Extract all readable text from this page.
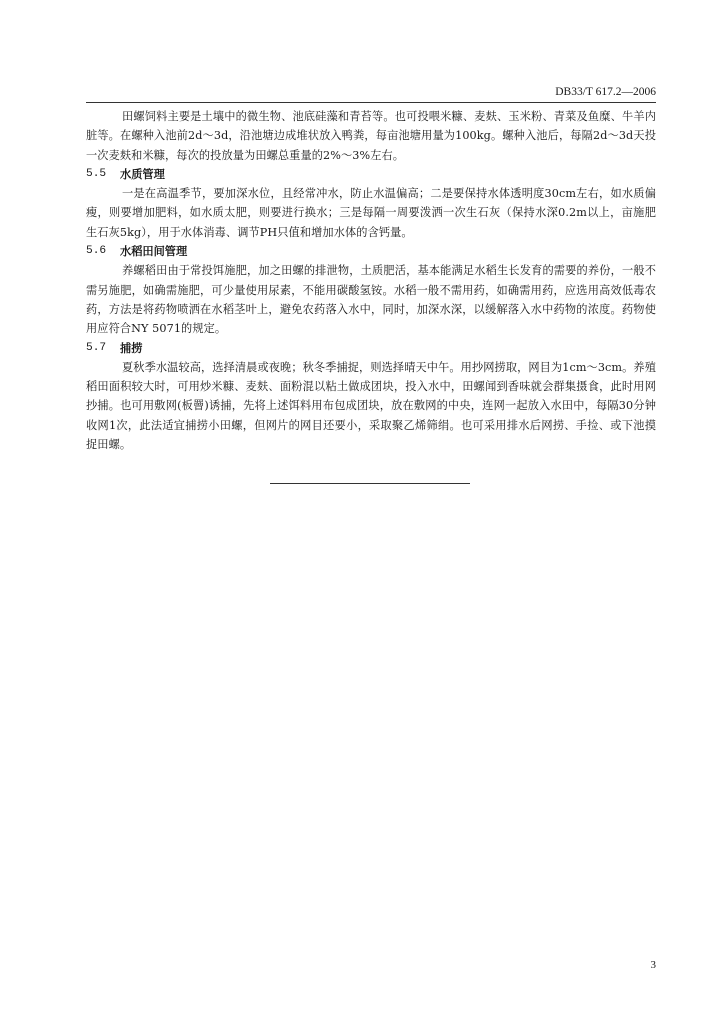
DB33/T 617.2—2006

田螺饲料主要是土壤中的微生物、池底硅藻和青苔等。也可投喂米糠、麦麸、玉米粉、青菜及鱼糜、牛羊内脏等。在螺种入池前2d～3d，沿池塘边成堆状放入鸭粪，每亩池塘用量为100kg。螺种入池后，每隔2d～3d天投一次麦麸和米糠，每次的投放量为田螺总重量的2%～3%左右。

5.5	水质管理

一是在高温季节，要加深水位，且经常冲水，防止水温偏高；二是要保持水体透明度30cm左右，如水质偏瘦，则要增加肥料，如水质太肥，则要进行换水；三是每隔一周要泼洒一次生石灰（保持水深0.2m以上，亩施肥生石灰5kg），用于水体消毒、调节PH只值和增加水体的含钙量。

5.6	水稻田间管理

养螺稻田由于常投饵施肥，加之田螺的排泄物，土质肥活，基本能满足水稻生长发育的需要的养份，一般不需另施肥，如确需施肥，可少量使用尿素，不能用碳酸氢铵。水稻一般不需用药，如确需用药，应选用高效低毒农药，方法是将药物喷洒在水稻茎叶上，避免农药落入水中，同时，加深水深，以缓解落入水中药物的浓度。药物使用应符合NY 5071的规定。

5.7	捕捞

夏秋季水温较高，选择清晨或夜晚；秋冬季捕捉，则选择晴天中午。用抄网捞取，网目为1cm～3cm。养殖稻田面积较大时，可用炒米糠、麦麸、面粉混以粘土做成团块，投入水中，田螺闻到香味就会群集摄食，此时用网抄捕。也可用敷网(板罾)诱捕，先将上述饵料用布包成团块，放在敷网的中央，连网一起放入水田中，每隔30分钟收网1次，此法适宜捕捞小田螺，但网片的网目还要小，采取聚乙烯筛绢。也可采用排水后网捞、手捡、或下池摸捉田螺。

3
